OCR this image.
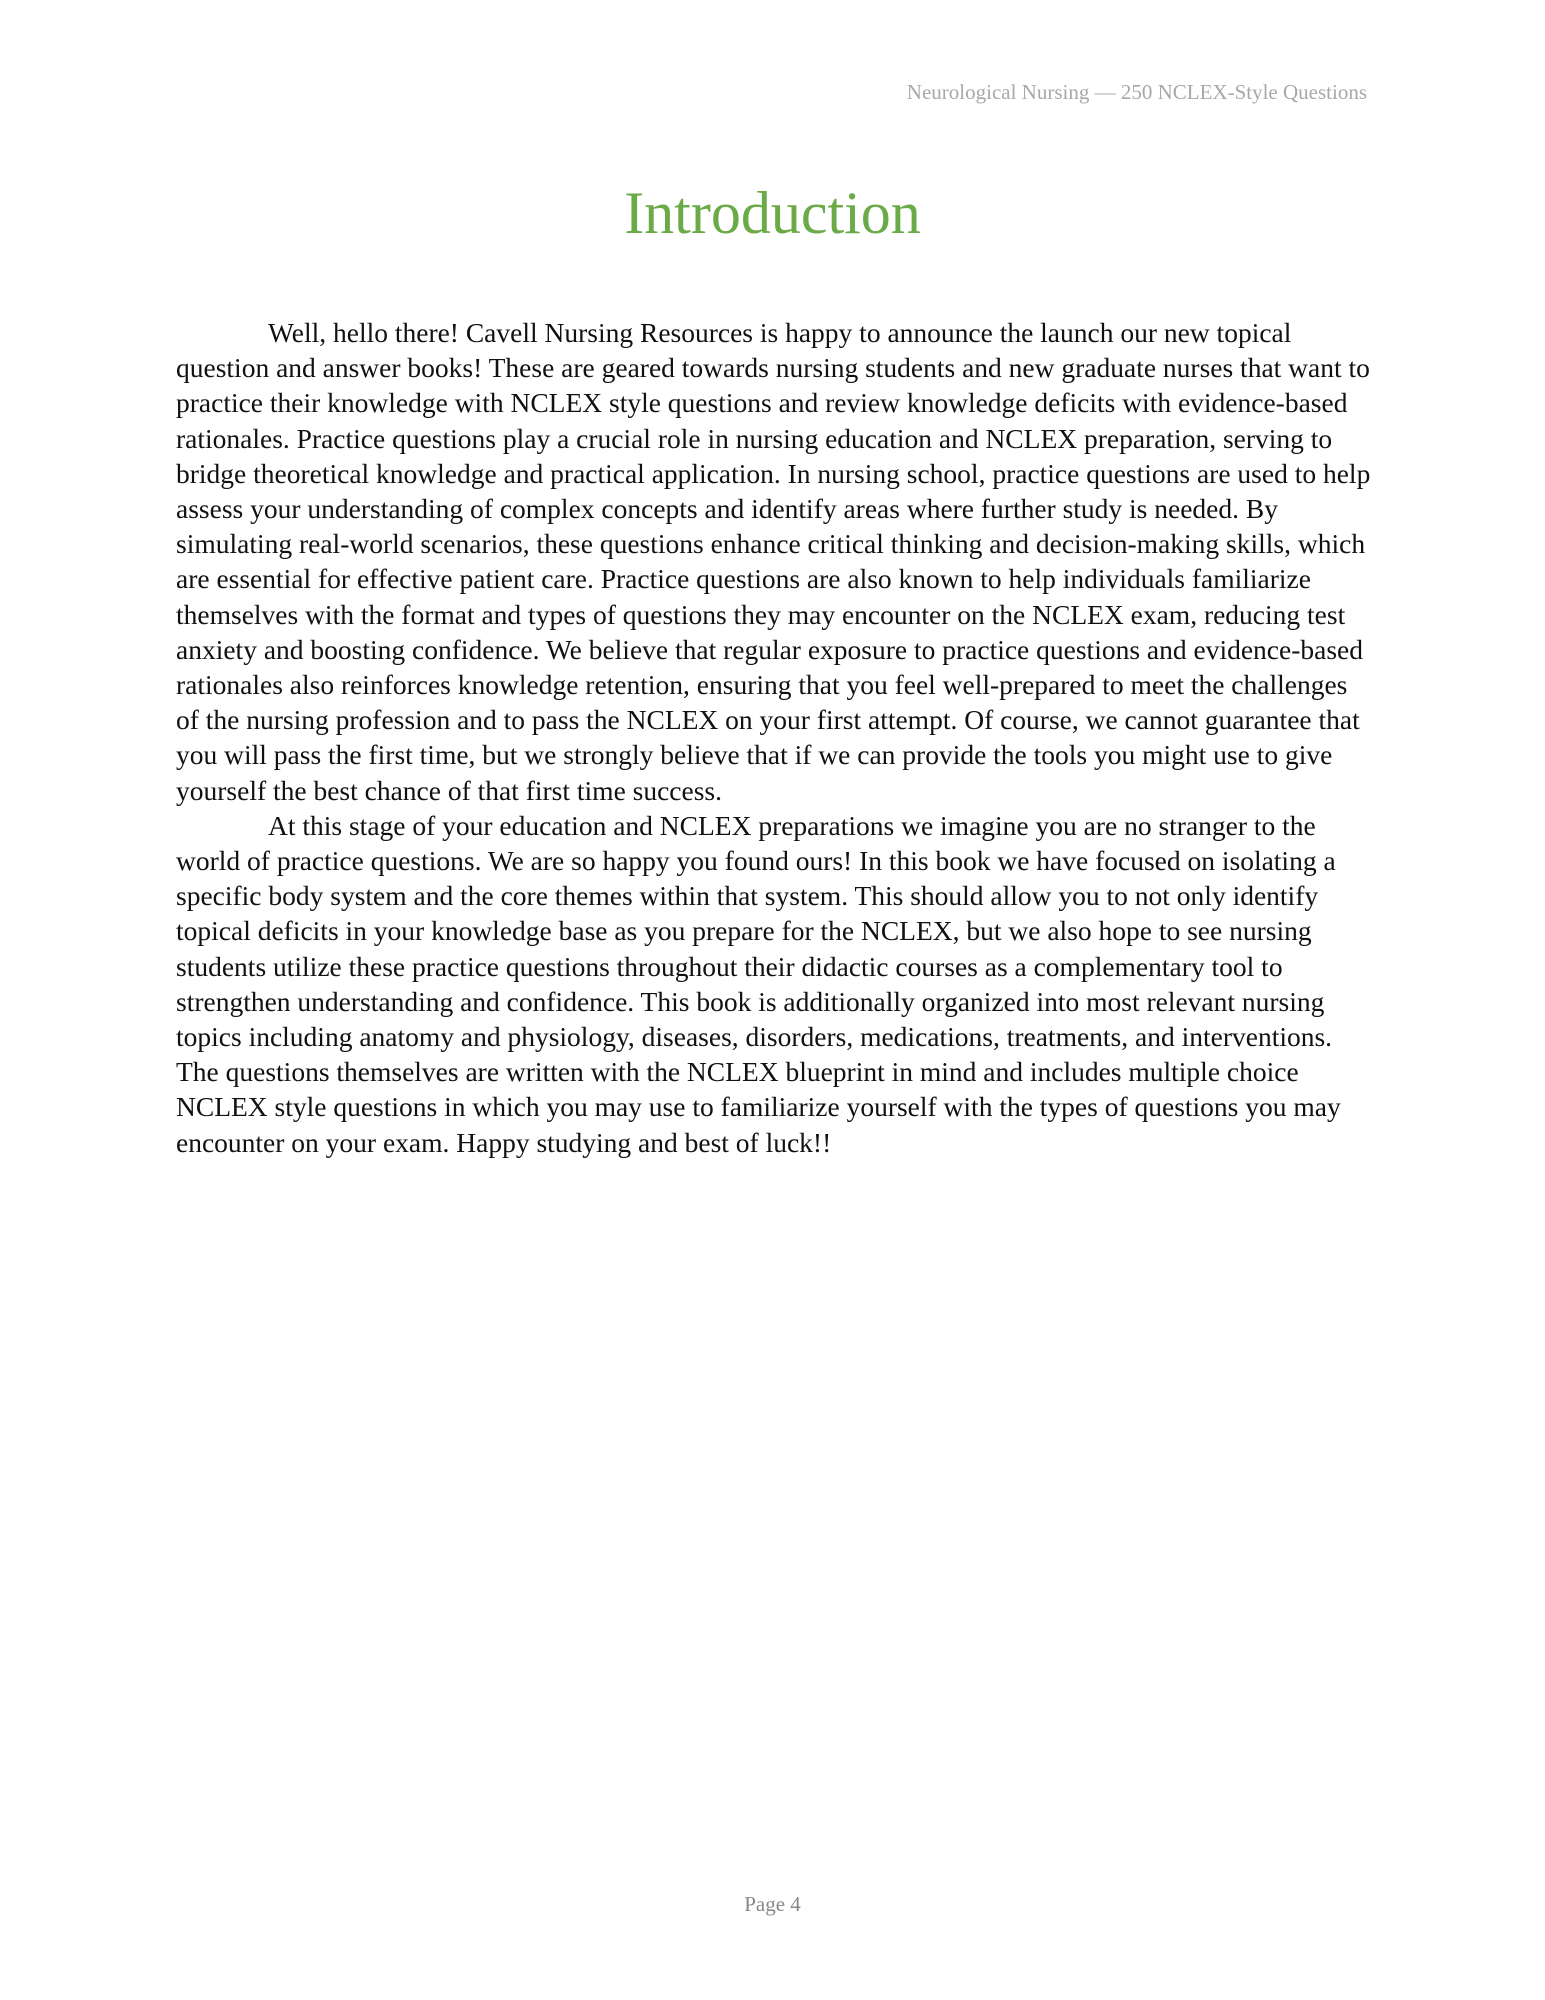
Neurological Nursing — 250 NCLEX-Style Questions
Introduction

Well, hello there! Cavell Nursing Resources is happy to announce the launch our new topical question and answer books! These are geared towards nursing students and new graduate nurses that want to practice their knowledge with NCLEX style questions and review knowledge deficits with evidence-based rationales. Practice questions play a crucial role in nursing education and NCLEX preparation, serving to bridge theoretical knowledge and practical application. In nursing school, practice questions are used to help assess your understanding of complex concepts and identify areas where further study is needed. By simulating real-world scenarios, these questions enhance critical thinking and decision-making skills, which are essential for effective patient care. Practice questions are also known to help individuals familiarize themselves with the format and types of questions they may encounter on the NCLEX exam, reducing test anxiety and boosting confidence. We believe that regular exposure to practice questions and evidence-based rationales also reinforces knowledge retention, ensuring that you feel well-prepared to meet the challenges of the nursing profession and to pass the NCLEX on your first attempt. Of course, we cannot guarantee that you will pass the first time, but we strongly believe that if we can provide the tools you might use to give yourself the best chance of that first time success.

At this stage of your education and NCLEX preparations we imagine you are no stranger to the world of practice questions. We are so happy you found ours! In this book we have focused on isolating a specific body system and the core themes within that system. This should allow you to not only identify topical deficits in your knowledge base as you prepare for the NCLEX, but we also hope to see nursing students utilize these practice questions throughout their didactic courses as a complementary tool to strengthen understanding and confidence. This book is additionally organized into most relevant nursing topics including anatomy and physiology, diseases, disorders, medications, treatments, and interventions. The questions themselves are written with the NCLEX blueprint in mind and includes multiple choice NCLEX style questions in which you may use to familiarize yourself with the types of questions you may encounter on your exam. Happy studying and best of luck!!

Page 4
